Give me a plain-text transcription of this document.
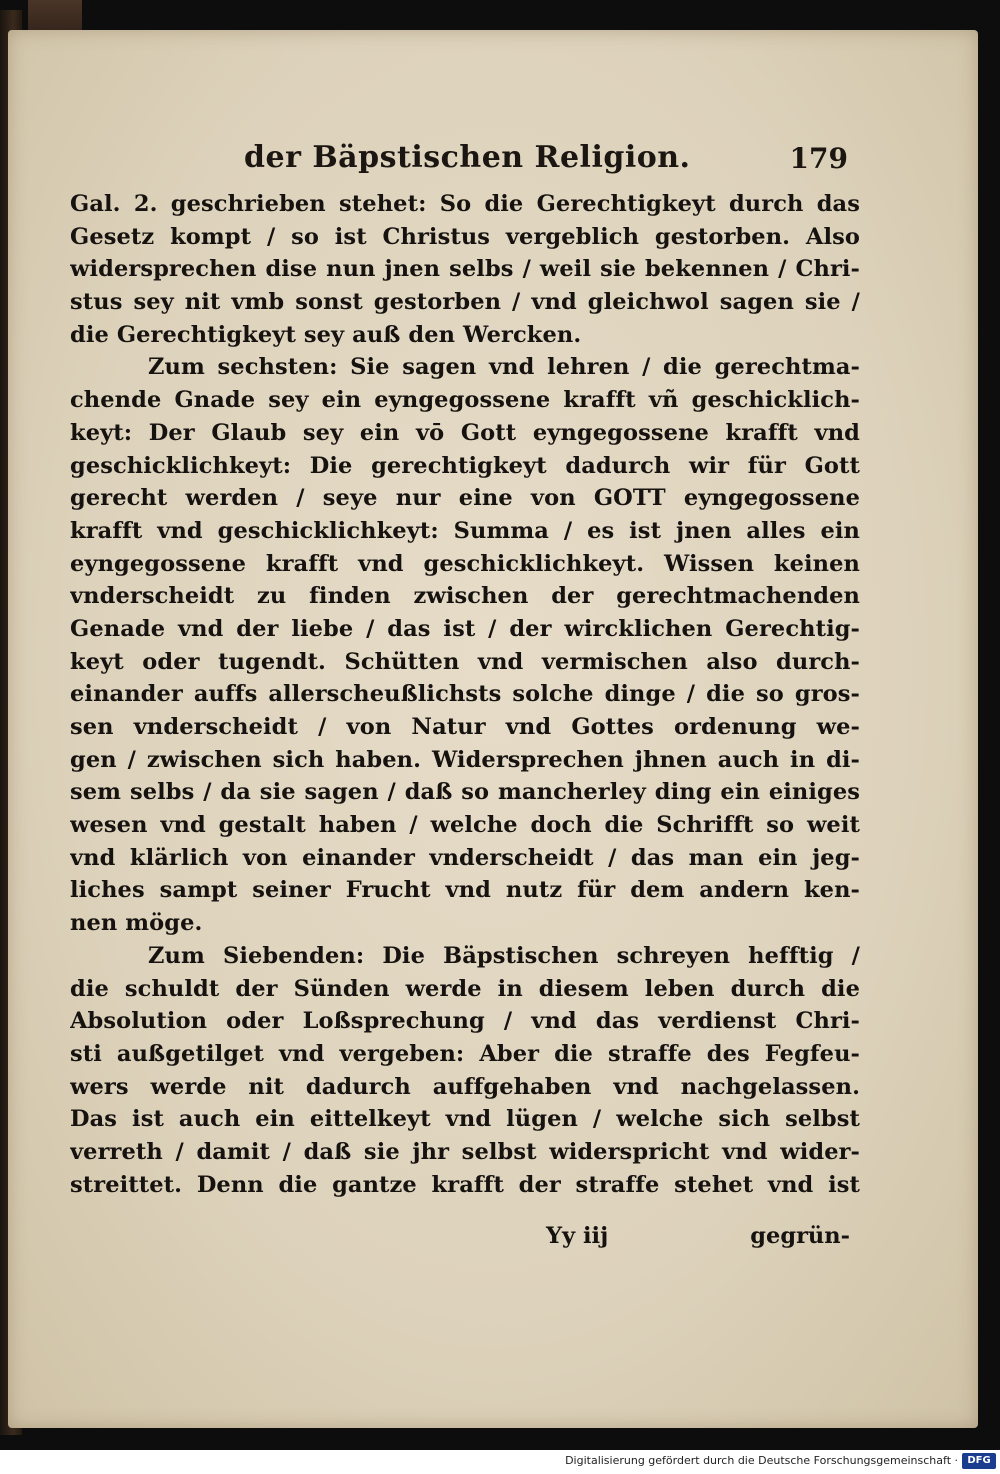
der Bäpstischen Religion.	179
Gal. 2. geschrieben stehet: So die Gerechtigkeyt durch das
Gesetz kompt / so ist Christus vergeblich gestorben. Also
widersprechen dise nun jnen selbs / weil sie bekennen / Chri-
stus sey nit vmb sonst gestorben / vnd gleichwol sagen sie /
die Gerechtigkeyt sey auß den Wercken.
Zum sechsten: Sie sagen vnd lehren / die gerechtma-
chende Gnade sey ein eyngegossene krafft vñ geschicklich-
keyt: Der Glaub sey ein vō Gott eyngegossene krafft vnd
geschicklichkeyt: Die gerechtigkeyt dadurch wir für Gott
gerecht werden / seye nur eine von GOTT eyngegossene
krafft vnd geschicklichkeyt: Summa / es ist jnen alles ein
eyngegossene krafft vnd geschicklichkeyt. Wissen keinen
vnderscheidt zu finden zwischen der gerechtmachenden
Genade vnd der liebe / das ist / der wircklichen Gerechtig-
keyt oder tugendt. Schütten vnd vermischen also durch-
einander auffs allerscheußlichsts solche dinge / die so gros-
sen vnderscheidt / von Natur vnd Gottes ordenung we-
gen / zwischen sich haben. Widersprechen jhnen auch in di-
sem selbs / da sie sagen / daß so mancherley ding ein einiges
wesen vnd gestalt haben / welche doch die Schrifft so weit
vnd klärlich von einander vnderscheidt / das man ein jeg-
liches sampt seiner Frucht vnd nutz für dem andern ken-
nen möge.
Zum Siebenden: Die Bäpstischen schreyen hefftig /
die schuldt der Sünden werde in diesem leben durch die
Absolution oder Loßsprechung / vnd das verdienst Chri-
sti außgetilget vnd vergeben: Aber die straffe des Fegfeu-
wers werde nit dadurch auffgehaben vnd nachgelassen.
Das ist auch ein eittelkeyt vnd lügen / welche sich selbst
verreth / damit / daß sie jhr selbst widerspricht vnd wider-
streittet. Denn die gantze krafft der straffe stehet vnd ist
Yy iij	gegrün-
Digitalisierung gefördert durch die Deutsche Forschungsgemeinschaft · DFG
